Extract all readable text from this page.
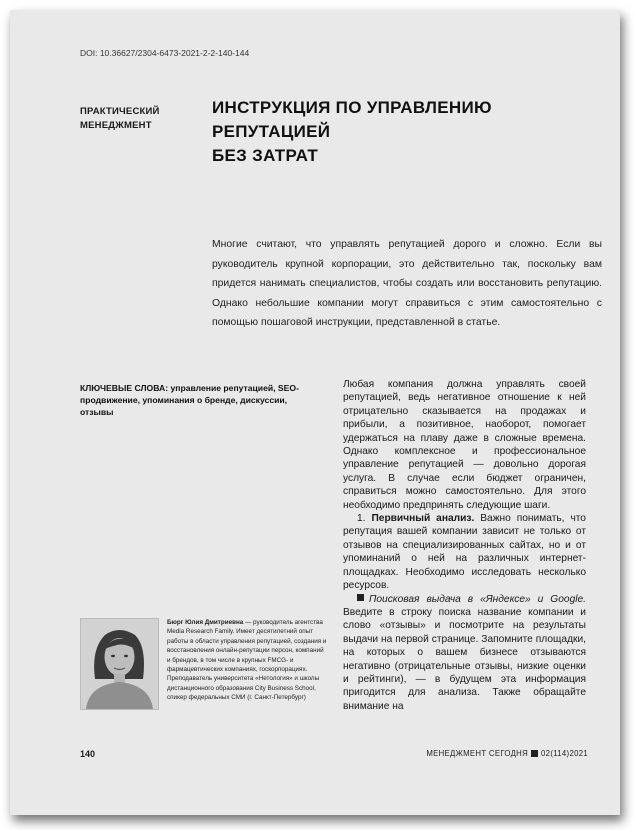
DOI: 10.36627/2304-6473-2021-2-2-140-144
ПРАКТИЧЕСКИЙ
МЕНЕДЖМЕНТ
ИНСТРУКЦИЯ ПО УПРАВЛЕНИЮ РЕПУТАЦИЕЙ
БЕЗ ЗАТРАТ
Многие считают, что управлять репутацией дорого и сложно. Если вы руководитель крупной корпорации, это действительно так, поскольку вам придется нанимать специалистов, чтобы создать или восстановить репутацию. Однако небольшие компании могут справиться с этим самостоятельно с помощью пошаговой инструкции, представленной в статье.
КЛЮЧЕВЫЕ СЛОВА: управление репутацией, SEO-продвижение, упоминания о бренде, дискуссии, отзывы

Любая компания должна управлять своей репутацией, ведь негативное отношение к ней отрицательно сказывается на продажах и прибыли, а позитивное, наоборот, помогает удержаться на плаву даже в сложные времена. Однако комплексное и профессиональное управление репутацией — довольно дорогая услуга. В случае если бюджет ограничен, справиться можно самостоятельно. Для этого необходимо предпринять следующие шаги.

1. Первичный анализ. Важно понимать, что репутация вашей компании зависит не только от отзывов на специализированных сайтах, но и от упоминаний о ней на различных интернет-площадках. Необходимо исследовать несколько ресурсов.

Поисковая выдача в «Яндексе» и Google. Введите в строку поиска название компании и слово «отзывы» и посмотрите на результаты выдачи на первой странице. Запомните площадки, на которых о вашем бизнесе отзываются негативно (отрицательные отзывы, низкие оценки и рейтинги), — в будущем эта информация пригодится для анализа. Также обращайте внимание на

Бюрг Юлия Дмитриевна — руководитель агентства Media Research Family. Имеет десятилетний опыт работы в области управления репутацией, создания и восстановления онлайн-репутации персон, компаний и брендов, в том числе в крупных FMCG- и фармацевтических компаниях, госкорпорациях. Преподаватель университета «Нетология» и школы дистанционного образования City Business School, спикер федеральных СМИ (г. Санкт-Петербург)
140	МЕНЕДЖМЕНТ СЕГОДНЯ 02(114)2021
